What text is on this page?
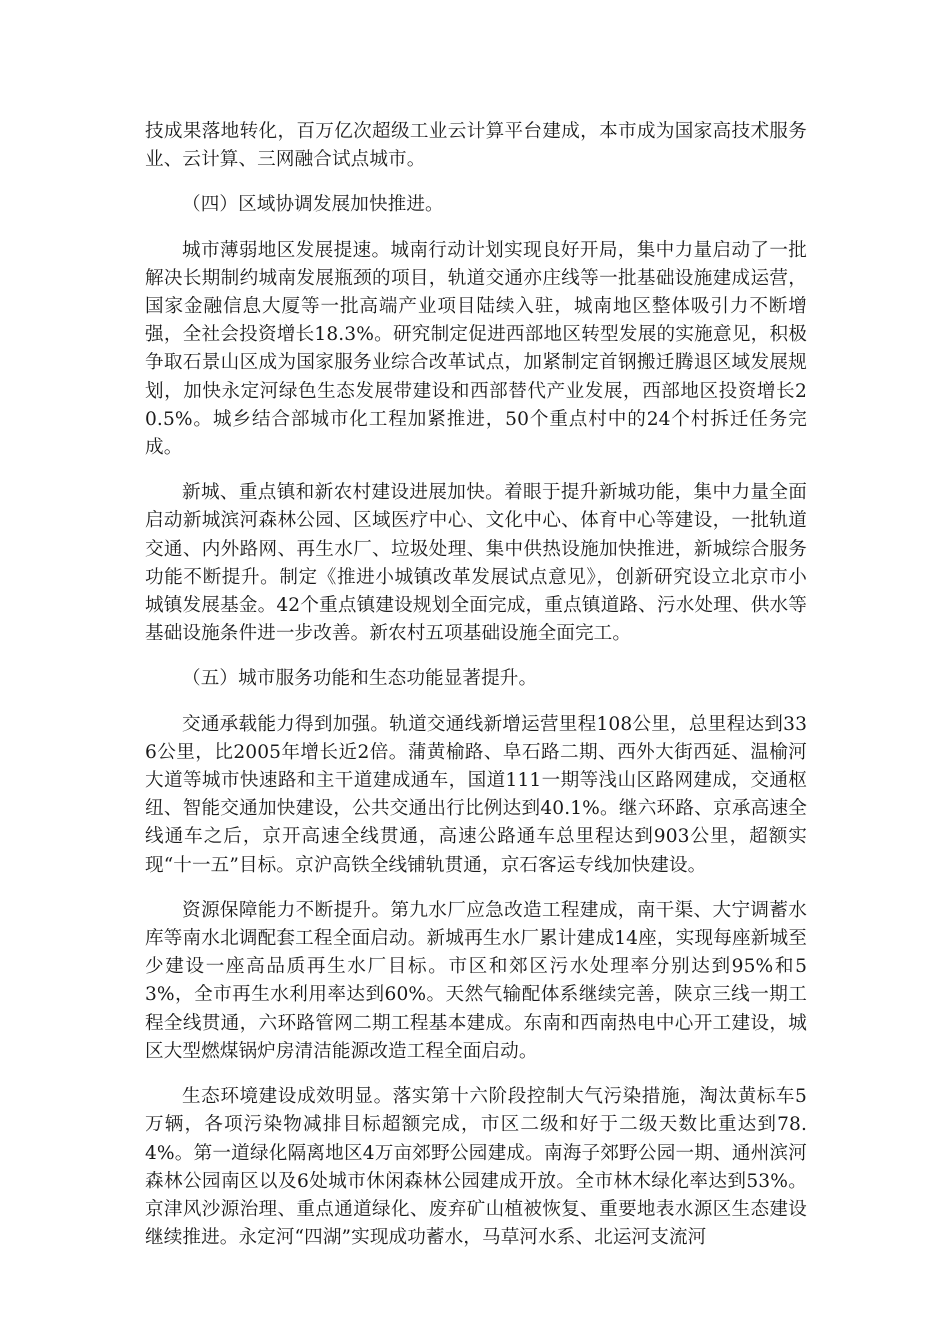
技成果落地转化，百万亿次超级工业云计算平台建成，本市成为国家高技术服务业、云计算、三网融合试点城市。

（四）区域协调发展加快推进。

城市薄弱地区发展提速。城南行动计划实现良好开局，集中力量启动了一批解决长期制约城南发展瓶颈的项目，轨道交通亦庄线等一批基础设施建成运营，国家金融信息大厦等一批高端产业项目陆续入驻，城南地区整体吸引力不断增强，全社会投资增长18.3%。研究制定促进西部地区转型发展的实施意见，积极争取石景山区成为国家服务业综合改革试点，加紧制定首钢搬迁腾退区域发展规划，加快永定河绿色生态发展带建设和西部替代产业发展，西部地区投资增长20.5%。城乡结合部城市化工程加紧推进，50个重点村中的24个村拆迁任务完成。

新城、重点镇和新农村建设进展加快。着眼于提升新城功能，集中力量全面启动新城滨河森林公园、区域医疗中心、文化中心、体育中心等建设，一批轨道交通、内外路网、再生水厂、垃圾处理、集中供热设施加快推进，新城综合服务功能不断提升。制定《推进小城镇改革发展试点意见》，创新研究设立北京市小城镇发展基金。42个重点镇建设规划全面完成，重点镇道路、污水处理、供水等基础设施条件进一步改善。新农村五项基础设施全面完工。

（五）城市服务功能和生态功能显著提升。

交通承载能力得到加强。轨道交通线新增运营里程108公里，总里程达到336公里，比2005年增长近2倍。蒲黄榆路、阜石路二期、西外大街西延、温榆河大道等城市快速路和主干道建成通车，国道111一期等浅山区路网建成，交通枢纽、智能交通加快建设，公共交通出行比例达到40.1%。继六环路、京承高速全线通车之后，京开高速全线贯通，高速公路通车总里程达到903公里，超额实现“十一五”目标。京沪高铁全线铺轨贯通，京石客运专线加快建设。

资源保障能力不断提升。第九水厂应急改造工程建成，南干渠、大宁调蓄水库等南水北调配套工程全面启动。新城再生水厂累计建成14座，实现每座新城至少建设一座高品质再生水厂目标。市区和郊区污水处理率分别达到95%和53%，全市再生水利用率达到60%。天然气输配体系继续完善，陕京三线一期工程全线贯通，六环路管网二期工程基本建成。东南和西南热电中心开工建设，城区大型燃煤锅炉房清洁能源改造工程全面启动。

生态环境建设成效明显。落实第十六阶段控制大气污染措施，淘汰黄标车5万辆，各项污染物减排目标超额完成，市区二级和好于二级天数比重达到78.4%。第一道绿化隔离地区4万亩郊野公园建成。南海子郊野公园一期、通州滨河森林公园南区以及6处城市休闲森林公园建成开放。全市林木绿化率达到53%。京津风沙源治理、重点通道绿化、废弃矿山植被恢复、重要地表水源区生态建设继续推进。永定河“四湖”实现成功蓄水，马草河水系、北运河支流河
